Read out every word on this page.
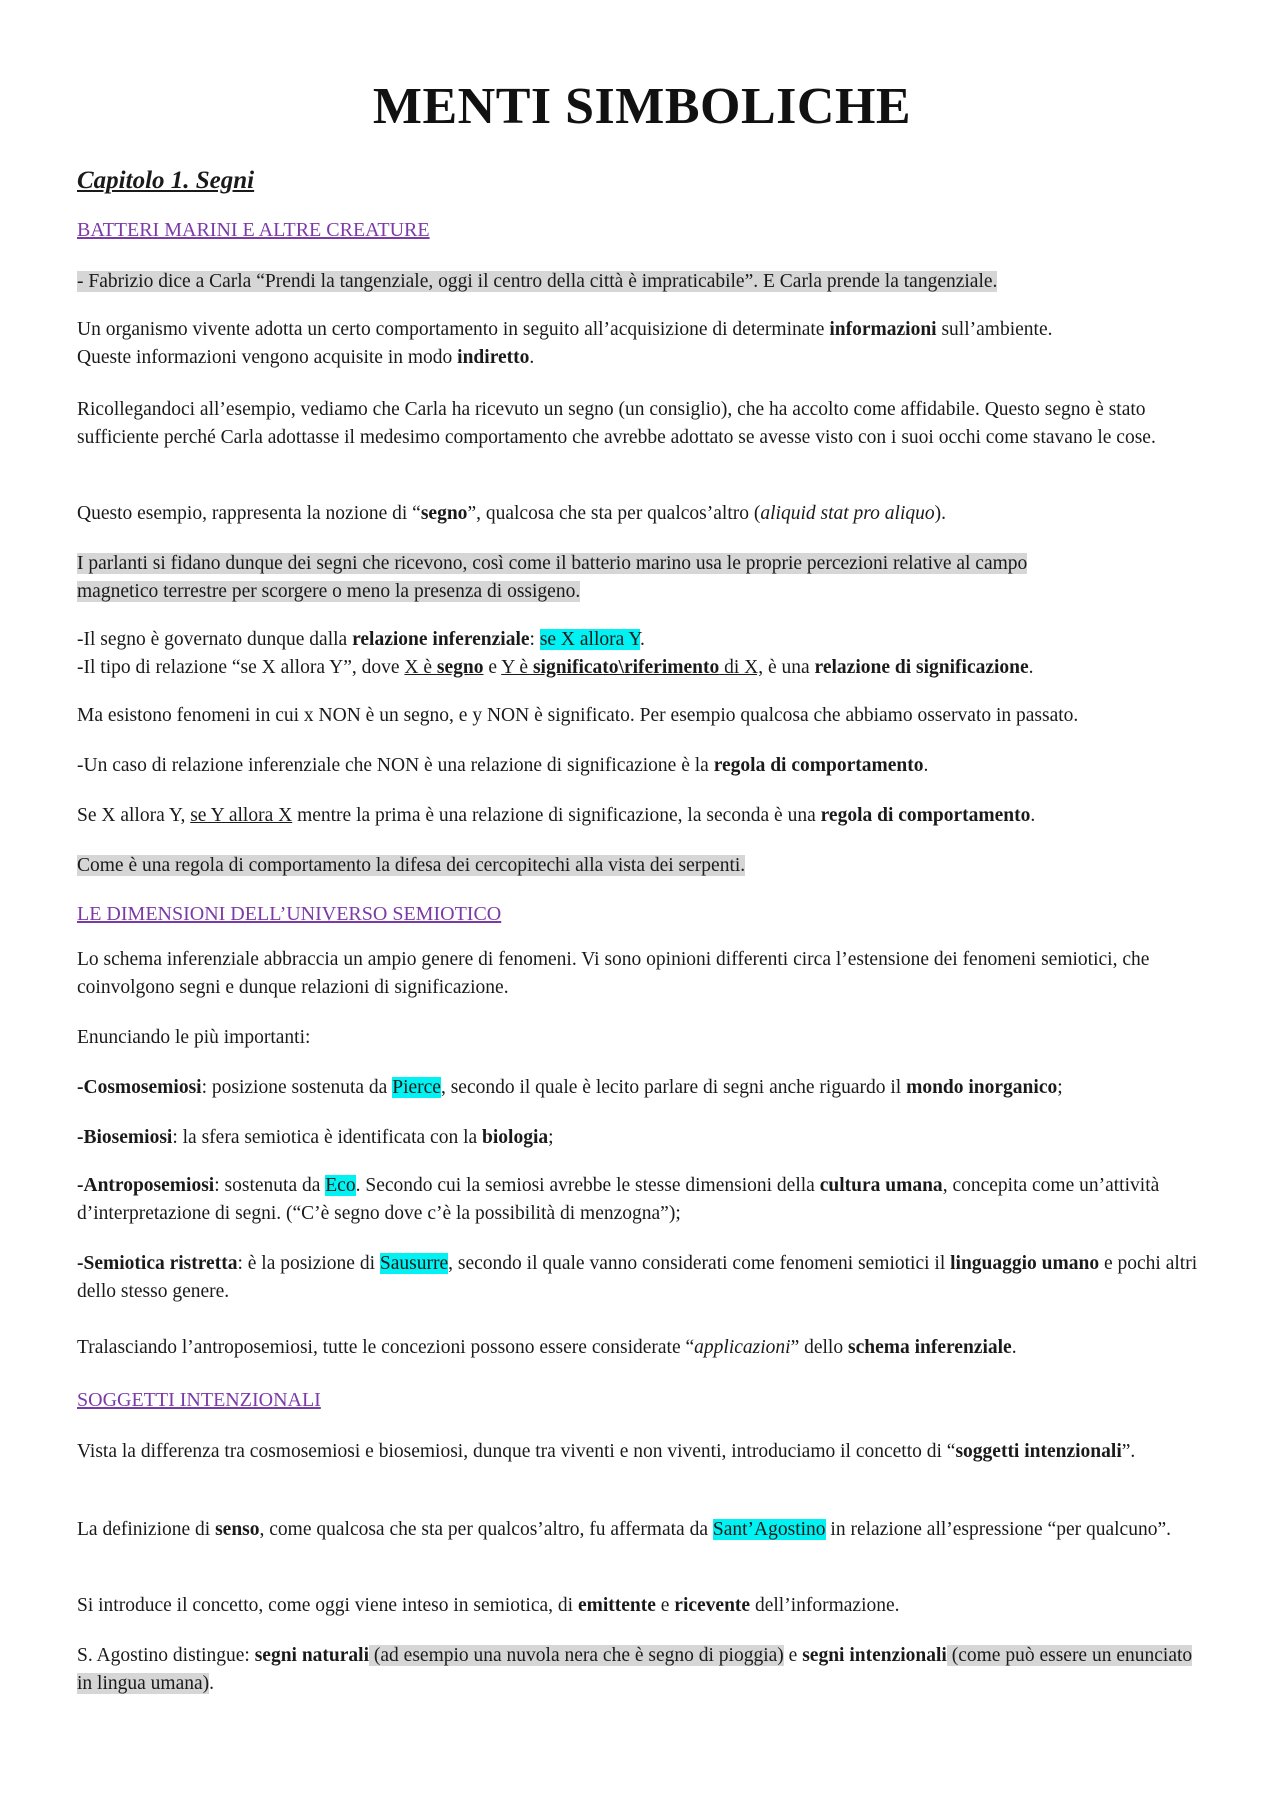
MENTI SIMBOLICHE
Capitolo 1. Segni
BATTERI MARINI E ALTRE CREATURE

- Fabrizio dice a Carla “Prendi la tangenziale, oggi il centro della città è impraticabile”. E Carla prende la tangenziale.

Un organismo vivente adotta un certo comportamento in seguito all’acquisizione di determinate informazioni sull’ambiente.
Queste informazioni vengono acquisite in modo indiretto.

Ricollegandoci all’esempio, vediamo che Carla ha ricevuto un segno (un consiglio), che ha accolto come affidabile. Questo segno è stato sufficiente perché Carla adottasse il medesimo comportamento che avrebbe adottato se avesse visto con i suoi occhi come stavano le cose.

Questo esempio, rappresenta la nozione di “segno”, qualcosa che sta per qualcos’altro (aliquid stat pro aliquo).

I parlanti si fidano dunque dei segni che ricevono, così come il batterio marino usa le proprie percezioni relative al campo
magnetico terrestre per scorgere o meno la presenza di ossigeno.

-Il segno è governato dunque dalla relazione inferenziale: se X allora Y.
-Il tipo di relazione “se X allora Y”, dove X è segno e Y è significato\riferimento di X, è una relazione di significazione.

Ma esistono fenomeni in cui x NON è un segno, e y NON è significato. Per esempio qualcosa che abbiamo osservato in passato.

-Un caso di relazione inferenziale che NON è una relazione di significazione è la regola di comportamento.

Se X allora Y, se Y allora X mentre la prima è una relazione di significazione, la seconda è una regola di comportamento.

Come è una regola di comportamento la difesa dei cercopitechi alla vista dei serpenti.

LE DIMENSIONI DELL’UNIVERSO SEMIOTICO

Lo schema inferenziale abbraccia un ampio genere di fenomeni. Vi sono opinioni differenti circa l’estensione dei fenomeni semiotici, che coinvolgono segni e dunque relazioni di significazione.

Enunciando le più importanti:

-Cosmosemiosi: posizione sostenuta da Pierce, secondo il quale è lecito parlare di segni anche riguardo il mondo inorganico;

-Biosemiosi: la sfera semiotica è identificata con la biologia;

-Antroposemiosi: sostenuta da Eco. Secondo cui la semiosi avrebbe le stesse dimensioni della cultura umana, concepita come un’attività d’interpretazione di segni. (“C’è segno dove c’è la possibilità di menzogna”);

-Semiotica ristretta: è la posizione di Sausurre, secondo il quale vanno considerati come fenomeni semiotici il linguaggio umano e pochi altri dello stesso genere.

Tralasciando l’antroposemiosi, tutte le concezioni possono essere considerate “applicazioni” dello schema inferenziale.

SOGGETTI INTENZIONALI

Vista la differenza tra cosmosemiosi e biosemiosi, dunque tra viventi e non viventi, introduciamo il concetto di “soggetti intenzionali”.

La definizione di senso, come qualcosa che sta per qualcos’altro, fu affermata da Sant’Agostino in relazione all’espressione “per qualcuno”.

Si introduce il concetto, come oggi viene inteso in semiotica, di emittente e ricevente dell’informazione.

S. Agostino distingue: segni naturali (ad esempio una nuvola nera che è segno di pioggia) e segni intenzionali (come può essere un enunciato in lingua umana).
